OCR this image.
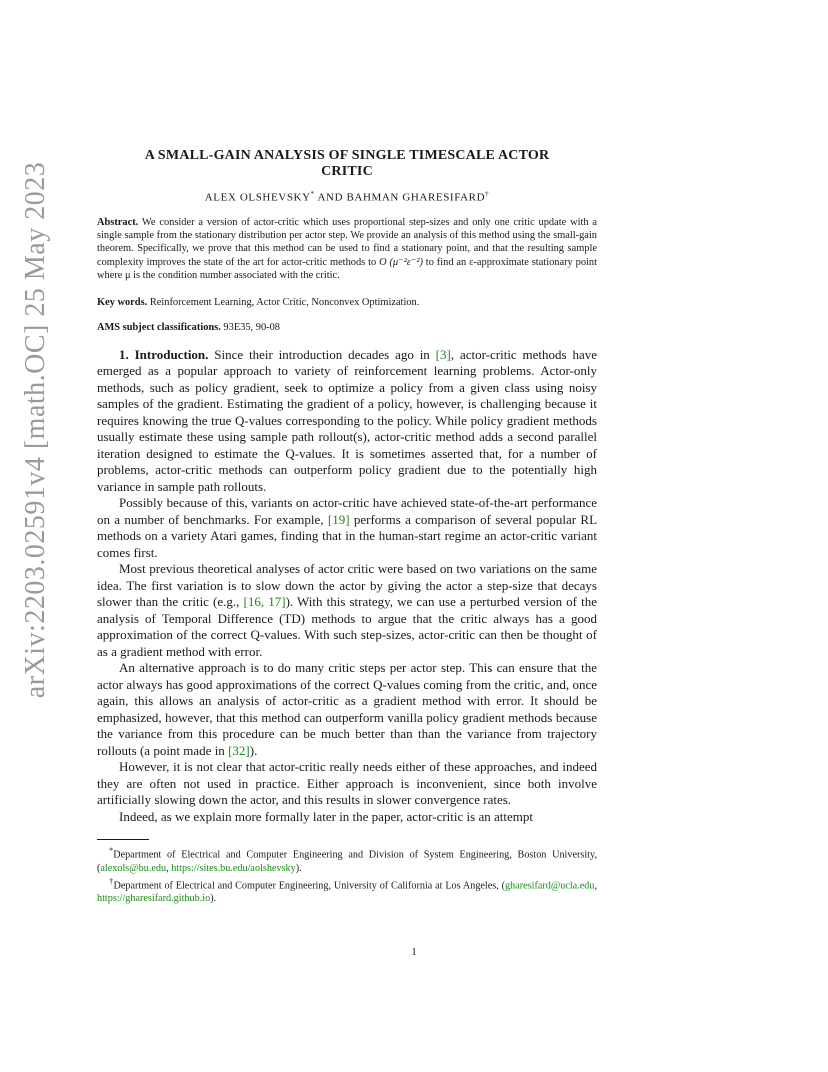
arXiv:2203.02591v4 [math.OC] 25 May 2023
A SMALL-GAIN ANALYSIS OF SINGLE TIMESCALE ACTOR
CRITIC
ALEX OLSHEVSKY* AND BAHMAN GHARESIFARD†
Abstract. We consider a version of actor-critic which uses proportional step-sizes and only one critic update with a single sample from the stationary distribution per actor step. We provide an analysis of this method using the small-gain theorem. Specifically, we prove that this method can be used to find a stationary point, and that the resulting sample complexity improves the state of the art for actor-critic methods to O (μ⁻²ε⁻²) to find an ε-approximate stationary point where μ is the condition number associated with the critic.
Key words. Reinforcement Learning, Actor Critic, Nonconvex Optimization.
AMS subject classifications. 93E35, 90-08

1. Introduction. Since their introduction decades ago in [3], actor-critic methods have emerged as a popular approach to variety of reinforcement learning problems. Actor-only methods, such as policy gradient, seek to optimize a policy from a given class using noisy samples of the gradient. Estimating the gradient of a policy, however, is challenging because it requires knowing the true Q-values corresponding to the policy. While policy gradient methods usually estimate these using sample path rollout(s), actor-critic method adds a second parallel iteration designed to estimate the Q-values. It is sometimes asserted that, for a number of problems, actor-critic methods can outperform policy gradient due to the potentially high variance in sample path rollouts.

Possibly because of this, variants on actor-critic have achieved state-of-the-art performance on a number of benchmarks. For example, [19] performs a comparison of several popular RL methods on a variety Atari games, finding that in the human-start regime an actor-critic variant comes first.

Most previous theoretical analyses of actor critic were based on two variations on the same idea. The first variation is to slow down the actor by giving the actor a step-size that decays slower than the critic (e.g., [16, 17]). With this strategy, we can use a perturbed version of the analysis of Temporal Difference (TD) methods to argue that the critic always has a good approximation of the correct Q-values. With such step-sizes, actor-critic can then be thought of as a gradient method with error.

An alternative approach is to do many critic steps per actor step. This can ensure that the actor always has good approximations of the correct Q-values coming from the critic, and, once again, this allows an analysis of actor-critic as a gradient method with error. It should be emphasized, however, that this method can outperform vanilla policy gradient methods because the variance from this procedure can be much better than than the variance from trajectory rollouts (a point made in [32]).

However, it is not clear that actor-critic really needs either of these approaches, and indeed they are often not used in practice. Either approach is inconvenient, since both involve artificially slowing down the actor, and this results in slower convergence rates.

Indeed, as we explain more formally later in the paper, actor-critic is an attempt

*Department of Electrical and Computer Engineering and Division of System Engineering, Boston University, (alexols@bu.edu, https://sites.bu.edu/aolshevsky).

†Department of Electrical and Computer Engineering, University of California at Los Angeles, (gharesifard@ucla.edu, https://gharesifard.github.io).

1
